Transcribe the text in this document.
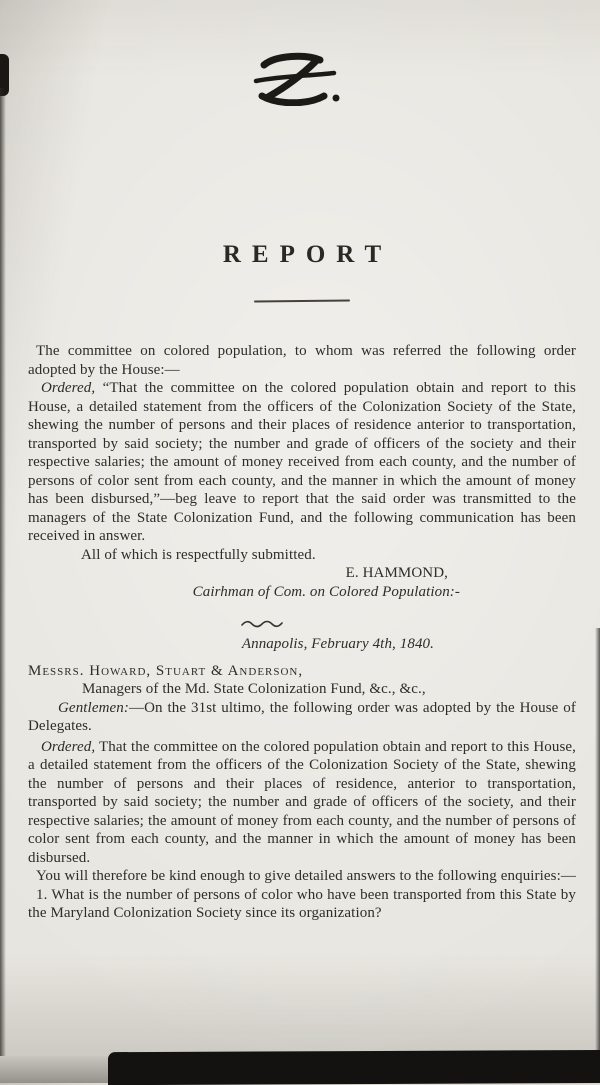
REPORT

The committee on colored population, to whom was referred the following order adopted by the House:—

Ordered, “That the committee on the colored population obtain and report to this House, a detailed statement from the officers of the Colonization Society of the State, shewing the number of persons and their places of residence anterior to transportation, transported by said society; the number and grade of officers of the society and their respective salaries; the amount of money received from each county, and the number of persons of color sent from each county, and the manner in which the amount of money has been disbursed,”—beg leave to report that the said order was transmitted to the managers of the State Colonization Fund, and the following communication has been received in answer.

All of which is respectfully submitted.

E. HAMMOND,

Cairhman of Com. on Colored Population:-

Annapolis, February 4th, 1840.

Messrs. Howard, Stuart & Anderson,

Managers of the Md. State Colonization Fund, &c., &c.,

Gentlemen:—On the 31st ultimo, the following order was adopted by the House of Delegates.

Ordered, That the committee on the colored population obtain and report to this House, a detailed statement from the officers of the Colonization Society of the State, shewing the number of persons and their places of residence, anterior to transportation, transported by said society; the number and grade of officers of the society, and their respective salaries; the amount of money from each county, and the number of persons of color sent from each county, and the manner in which the amount of money has been disbursed.

You will therefore be kind enough to give detailed answers to the following enquiries:—

1. What is the number of persons of color who have been transported from this State by the Maryland Colonization Society since its organization?
